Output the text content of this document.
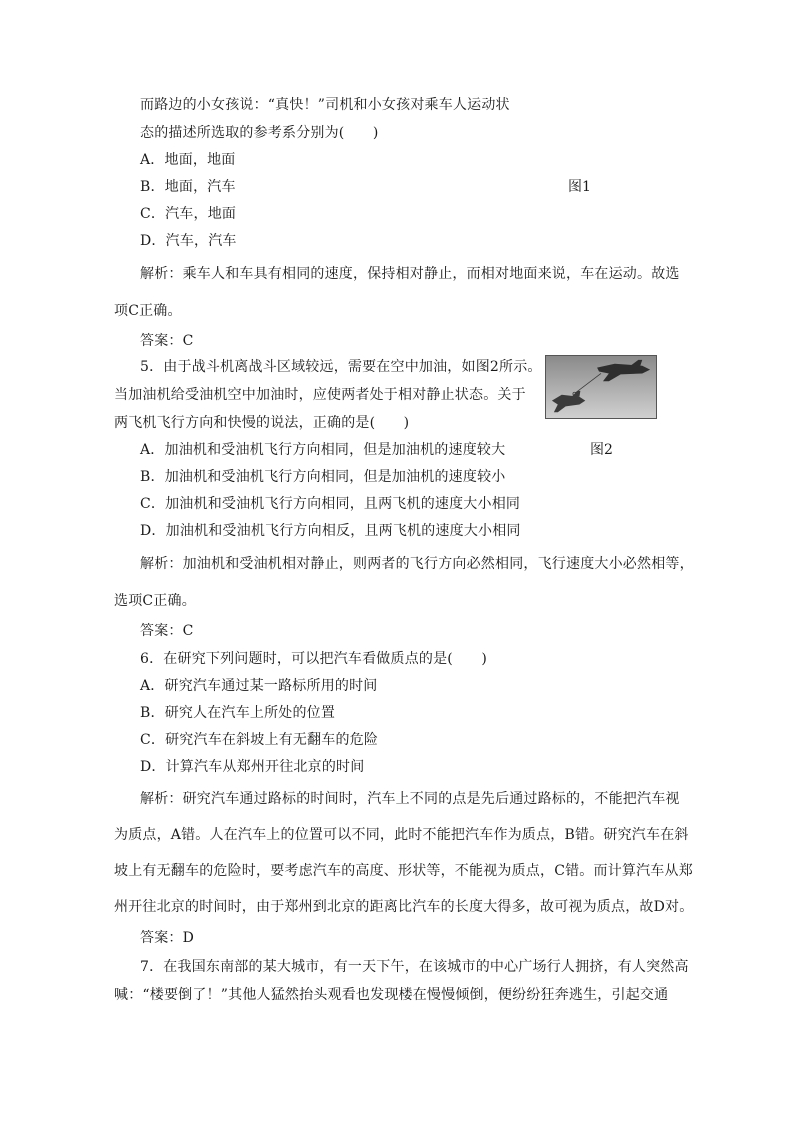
而路边的小女孩说：“真快！”司机和小女孩对乘车人运动状
态的描述所选取的参考系分别为(　　)
A．地面，地面
B．地面，汽车	图1
C．汽车，地面
D．汽车，汽车
解析：乘车人和车具有相同的速度，保持相对静止，而相对地面来说，车在运动。故选
项C正确。
答案：C
5．由于战斗机离战斗区域较远，需要在空中加油，如图2所示。
当加油机给受油机空中加油时，应使两者处于相对静止状态。关于
两飞机飞行方向和快慢的说法，正确的是(　　)
A．加油机和受油机飞行方向相同，但是加油机的速度较大	图2
B．加油机和受油机飞行方向相同，但是加油机的速度较小
C．加油机和受油机飞行方向相同，且两飞机的速度大小相同
D．加油机和受油机飞行方向相反，且两飞机的速度大小相同
解析：加油机和受油机相对静止，则两者的飞行方向必然相同，飞行速度大小必然相等，
选项C正确。
答案：C
6．在研究下列问题时，可以把汽车看做质点的是(　　)
A．研究汽车通过某一路标所用的时间
B．研究人在汽车上所处的位置
C．研究汽车在斜坡上有无翻车的危险
D．计算汽车从郑州开往北京的时间
解析：研究汽车通过路标的时间时，汽车上不同的点是先后通过路标的，不能把汽车视
为质点，A错。人在汽车上的位置可以不同，此时不能把汽车作为质点，B错。研究汽车在斜
坡上有无翻车的危险时，要考虑汽车的高度、形状等，不能视为质点，C错。而计算汽车从郑
州开往北京的时间时，由于郑州到北京的距离比汽车的长度大得多，故可视为质点，故D对。
答案：D
7．在我国东南部的某大城市，有一天下午，在该城市的中心广场行人拥挤，有人突然高
喊：“楼要倒了！”其他人猛然抬头观看也发现楼在慢慢倾倒，便纷纷狂奔逃生，引起交通
